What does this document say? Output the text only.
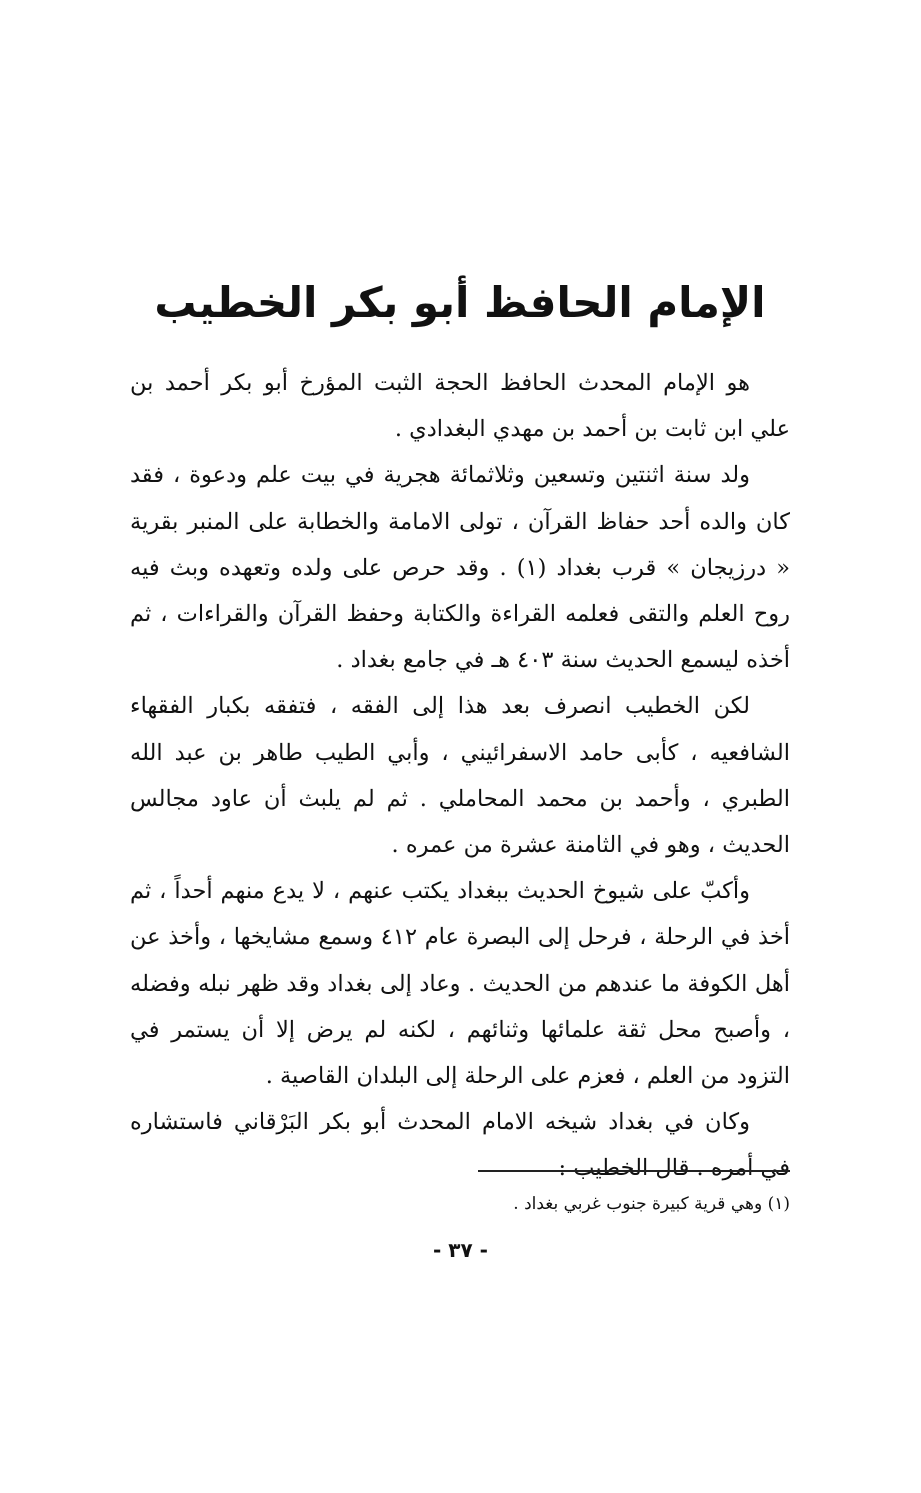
الإمام الحافظ أبو بكر الخطيب

هو الإمام المحدث الحافظ الحجة الثبت المؤرخ أبو بكر أحمد بن علي ابن ثابت بن أحمد بن مهدي البغدادي .

ولد سنة اثنتين وتسعين وثلاثمائة هجرية في بيت علم ودعوة ، فقد كان والده أحد حفاظ القرآن ، تولى الامامة والخطابة على المنبر بقرية « درزيجان » قرب بغداد (١) . وقد حرص على ولده وتعهده وبث فيه روح العلم والتقى فعلمه القراءة والكتابة وحفظ القرآن والقراءات ، ثم أخذه ليسمع الحديث سنة ٤٠٣ هـ في جامع بغداد .

لكن الخطيب انصرف بعد هذا إلى الفقه ، فتفقه بكبار الفقهاء الشافعيه ، كأبى حامد الاسفرائيني ، وأبي الطيب طاهر بن عبد الله الطبري ، وأحمد بن محمد المحاملي . ثم لم يلبث أن عاود مجالس الحديث ، وهو في الثامنة عشرة من عمره .

وأكبّ على شيوخ الحديث ببغداد يكتب عنهم ، لا يدع منهم أحداً ، ثم أخذ في الرحلة ، فرحل إلى البصرة عام ٤١٢ وسمع مشايخها ، وأخذ عن أهل الكوفة ما عندهم من الحديث . وعاد إلى بغداد وقد ظهر نبله وفضله ، وأصبح محل ثقة علمائها وثنائهم ، لكنه لم يرض إلا أن يستمر في التزود من العلم ، فعزم على الرحلة إلى البلدان القاصية .

وكان في بغداد شيخه الامام المحدث أبو بكر البَرْقاني فاستشاره في أمره . قال الخطيب :

(١) وهي قرية كبيرة جنوب غربي بغداد .
- ٣٧ -
